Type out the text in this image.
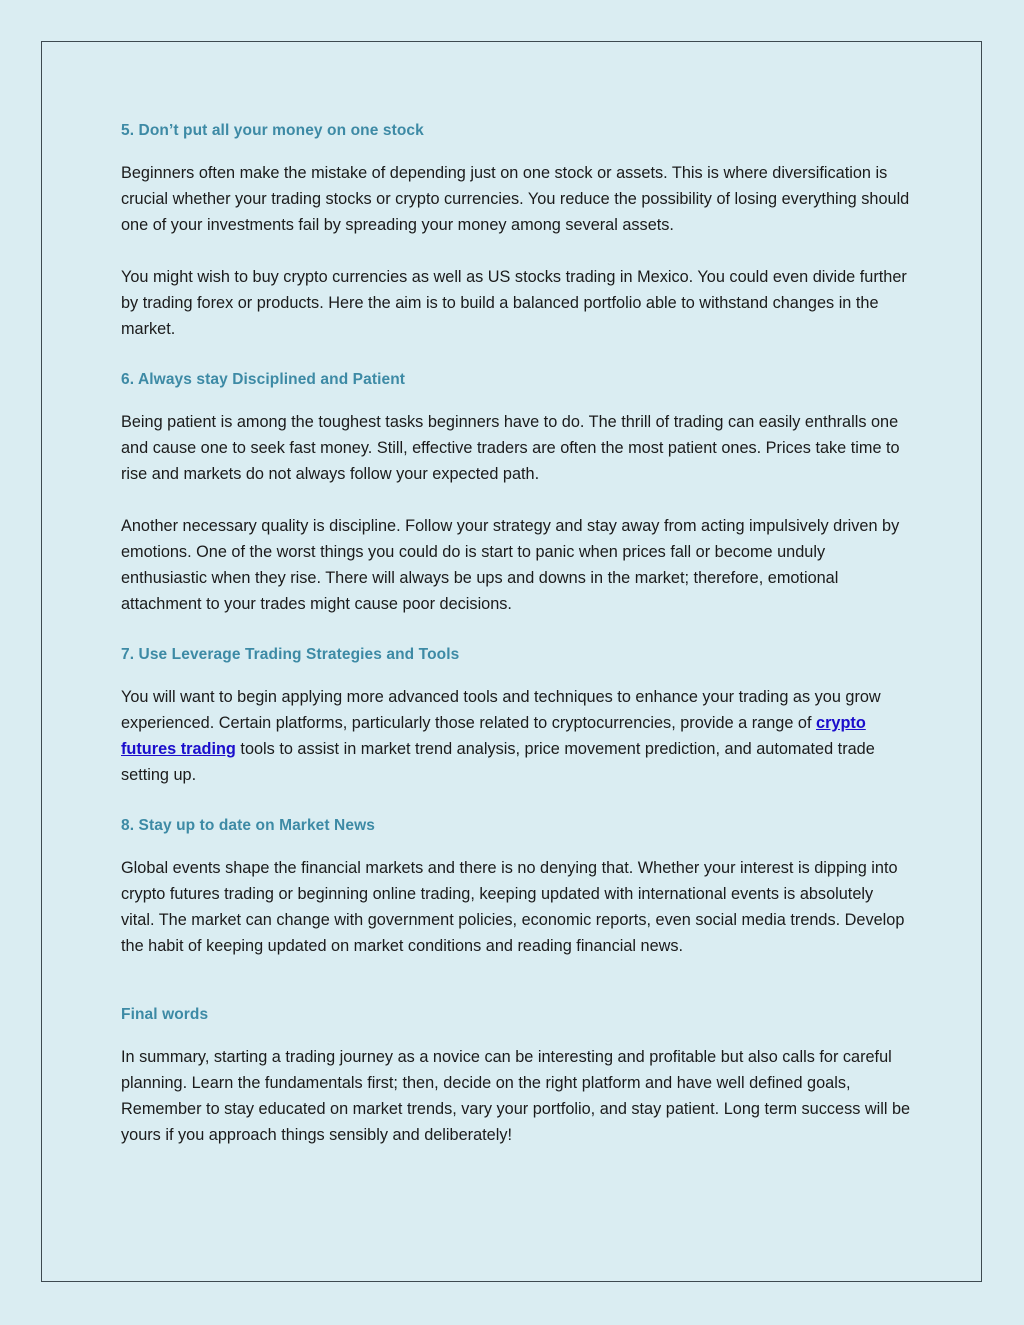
5. Don’t put all your money on one stock

Beginners often make the mistake of depending just on one stock or assets. This is where diversification is crucial whether your trading stocks or crypto currencies. You reduce the possibility of losing everything should one of your investments fail by spreading your money among several assets.

You might wish to buy crypto currencies as well as US stocks trading in Mexico. You could even divide further by trading forex or products. Here the aim is to build a balanced portfolio able to withstand changes in the market.

6. Always stay Disciplined and Patient

Being patient is among the toughest tasks beginners have to do. The thrill of trading can easily enthralls one and cause one to seek fast money. Still, effective traders are often the most patient ones. Prices take time to rise and markets do not always follow your expected path.

Another necessary quality is discipline. Follow your strategy and stay away from acting impulsively driven by emotions. One of the worst things you could do is start to panic when prices fall or become unduly enthusiastic when they rise. There will always be ups and downs in the market; therefore, emotional attachment to your trades might cause poor decisions.

7. Use Leverage Trading Strategies and Tools

You will want to begin applying more advanced tools and techniques to enhance your trading as you grow experienced. Certain platforms, particularly those related to cryptocurrencies, provide a range of crypto futures trading tools to assist in market trend analysis, price movement prediction, and automated trade setting up.

8. Stay up to date on Market News

Global events shape the financial markets and there is no denying that. Whether your interest is dipping into crypto futures trading or beginning online trading, keeping updated with international events is absolutely vital. The market can change with government policies, economic reports, even social media trends. Develop the habit of keeping updated on market conditions and reading financial news.

Final words

In summary, starting a trading journey as a novice can be interesting and profitable but also calls for careful planning. Learn the fundamentals first; then, decide on the right platform and have well defined goals, Remember to stay educated on market trends, vary your portfolio, and stay patient. Long term success will be yours if you approach things sensibly and deliberately!
